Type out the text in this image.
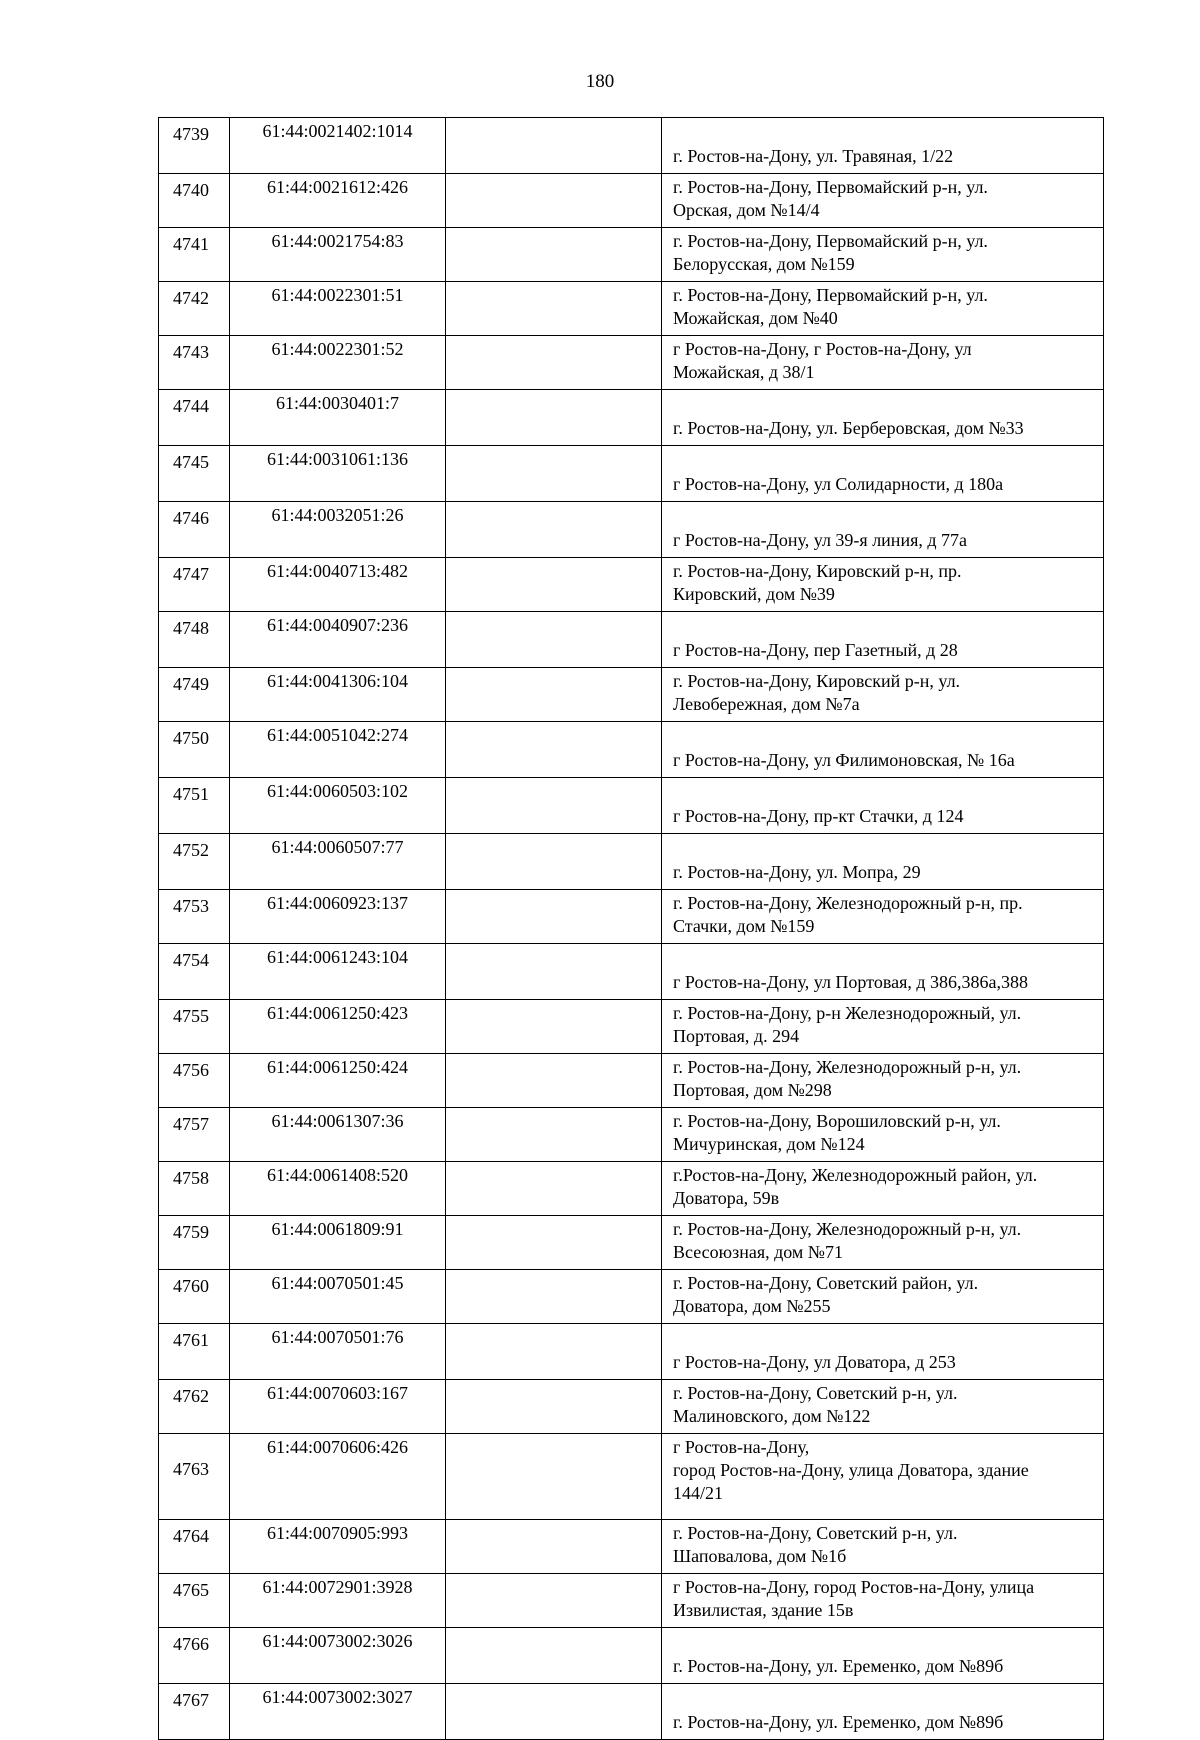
180
4739	61:44:0021402:1014		г. Ростов-на-Дону, ул. Травяная, 1/22

4740	61:44:0021612:426		г. Ростов-на-Дону, Первомайский р-н, ул.
Орская, дом №14/4

4741	61:44:0021754:83		г. Ростов-на-Дону, Первомайский р-н, ул.
Белорусская, дом №159

4742	61:44:0022301:51		г. Ростов-на-Дону, Первомайский р-н, ул.
Можайская, дом №40

4743	61:44:0022301:52		г Ростов-на-Дону, г Ростов-на-Дону, ул
Можайская, д 38/1

4744	61:44:0030401:7		г. Ростов-на-Дону, ул. Берберовская, дом №33

4745	61:44:0031061:136		г Ростов-на-Дону, ул Солидарности, д 180а

4746	61:44:0032051:26		г Ростов-на-Дону, ул 39-я линия, д 77а

4747	61:44:0040713:482		г. Ростов-на-Дону, Кировский р-н, пр.
Кировский, дом №39

4748	61:44:0040907:236		г Ростов-на-Дону, пер Газетный, д 28

4749	61:44:0041306:104		г. Ростов-на-Дону, Кировский р-н, ул.
Левобережная, дом №7а

4750	61:44:0051042:274		г Ростов-на-Дону, ул Филимоновская, № 16а

4751	61:44:0060503:102		г Ростов-на-Дону, пр-кт Стачки, д 124

4752	61:44:0060507:77		г. Ростов-на-Дону, ул. Мопра, 29

4753	61:44:0060923:137		г. Ростов-на-Дону, Железнодорожный р-н, пр.
Стачки, дом №159

4754	61:44:0061243:104		г Ростов-на-Дону, ул Портовая, д 386,386а,388

4755	61:44:0061250:423		г. Ростов-на-Дону, р-н Железнодорожный, ул.
Портовая, д. 294

4756	61:44:0061250:424		г. Ростов-на-Дону, Железнодорожный р-н, ул.
Портовая, дом №298

4757	61:44:0061307:36		г. Ростов-на-Дону, Ворошиловский р-н, ул.
Мичуринская, дом №124

4758	61:44:0061408:520		г.Ростов-на-Дону, Железнодорожный район, ул.
Доватора, 59в

4759	61:44:0061809:91		г. Ростов-на-Дону, Железнодорожный р-н, ул.
Всесоюзная, дом №71

4760	61:44:0070501:45		г. Ростов-на-Дону, Советский район, ул.
Доватора, дом №255

4761	61:44:0070501:76		г Ростов-на-Дону, ул Доватора, д 253

4762	61:44:0070603:167		г. Ростов-на-Дону, Советский р-н, ул.
Малиновского, дом №122

4763	61:44:0070606:426		г Ростов-на-Дону,
город Ростов-на-Дону, улица Доватора, здание
144/21

4764	61:44:0070905:993		г. Ростов-на-Дону, Советский р-н, ул.
Шаповалова, дом №1б

4765	61:44:0072901:3928		г Ростов-на-Дону, город Ростов-на-Дону, улица
Извилистая, здание 15в

4766	61:44:0073002:3026		г. Ростов-на-Дону, ул. Еременко, дом №89б

4767	61:44:0073002:3027		г. Ростов-на-Дону, ул. Еременко, дом №89б
